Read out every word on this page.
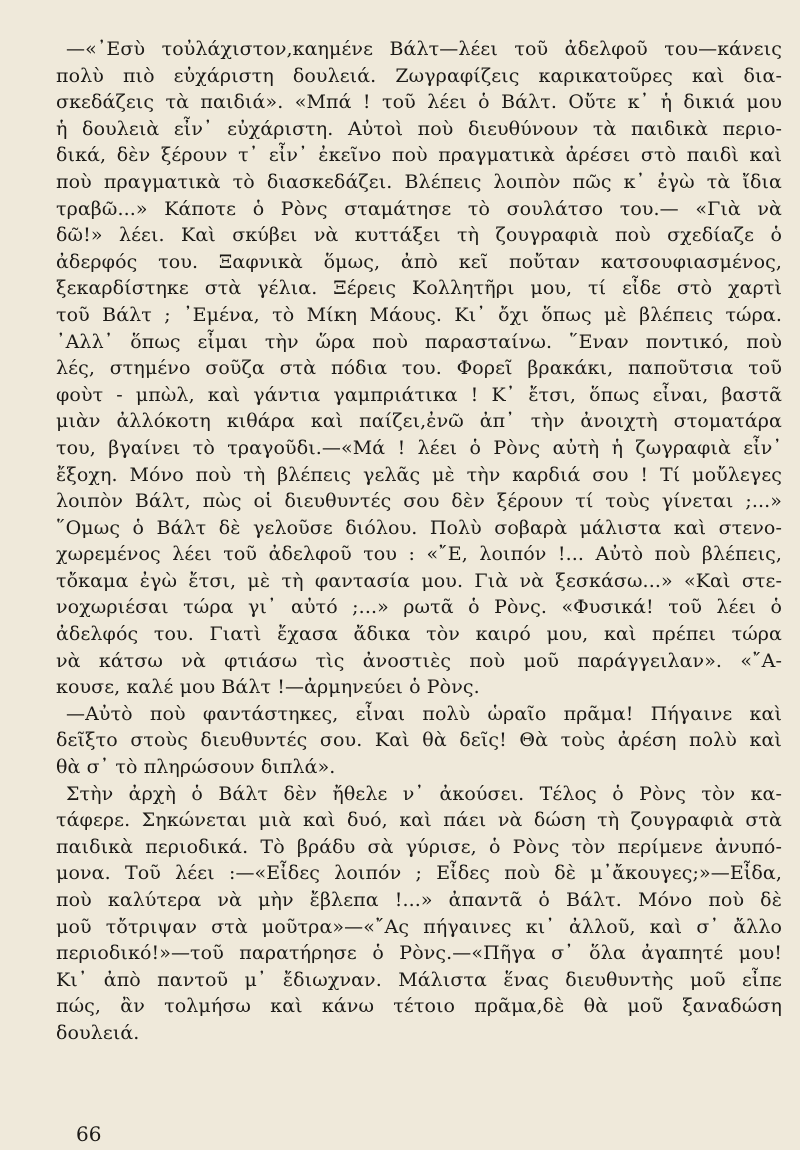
—«᾿Εσὺ τοὐλάχιστον,καημένε Βάλτ—λέει τοῦ ἀδελφοῦ του—κάνεις
πολὺ πιὸ εὐχάριστη δουλειά. Ζωγραφίζεις καρικατοῦρες καὶ δια-
σκεδάζεις τὰ παιδιά». «Μπά ! τοῦ λέει ὁ Βάλτ. Οὔτε κ᾿ ἡ δικιά μου
ἡ δουλειὰ εἶν᾿ εὐχάριστη. Αὐτοὶ ποὺ διευθύνουν τὰ παιδικὰ περιο-
δικά, δὲν ξέρουν τ᾿ εἶν᾿ ἐκεῖνο ποὺ πραγματικὰ ἀρέσει στὸ παιδὶ καὶ
ποὺ πραγματικὰ τὸ διασκεδάζει. Βλέπεις λοιπὸν πῶς κ᾿ ἐγὼ τὰ ἴδια
τραβῶ...» Κάποτε ὁ Ρὸνς σταμάτησε τὸ σουλάτσο του.— «Γιὰ νὰ
δῶ!» λέει. Καὶ σκύβει νὰ κυττάξει τὴ ζουγραφιὰ ποὺ σχεδίαζε ὁ
ἀδερφός του. Ξαφνικὰ ὅμως, ἀπὸ κεῖ ποὔταν κατσουφιασμένος,
ξεκαρδίστηκε στὰ γέλια. Ξέρεις Κολλητῆρι μου, τί εἶδε στὸ χαρτὶ
τοῦ Βάλτ ; ᾿Εμένα, τὸ Μίκη Μάους. Κι᾿ ὄχι ὅπως μὲ βλέπεις τώρα.
᾿Αλλ᾿ ὅπως εἶμαι τὴν ὥρα ποὺ παρασταίνω. ῞Εναν ποντικό, ποὺ
λές, στημένο σοῦζα στὰ πόδια του. Φορεῖ βρακάκι, παποῦτσια τοῦ
φοὺτ - μπὼλ, καὶ γάντια γαμπριάτικα ! Κ᾿ ἔτσι, ὅπως εἶναι, βαστᾶ
μιὰν ἀλλόκοτη κιθάρα καὶ παίζει,ἐνῶ ἀπ᾿ τὴν ἀνοιχτὴ στοματάρα
του, βγαίνει τὸ τραγοῦδι.—«Μά ! λέει ὁ Ρὸνς αὐτὴ ἡ ζωγραφιὰ εἶν᾿
ἔξοχη. Μόνο ποὺ τὴ βλέπεις γελᾶς μὲ τὴν καρδιά σου ! Τί μοὔλεγες
λοιπὸν Βάλτ, πὼς οἱ διευθυντές σου δὲν ξέρουν τί τοὺς γίνεται ;...»
῞Ομως ὁ Βάλτ δὲ γελοῦσε διόλου. Πολὺ σοβαρὰ μάλιστα καὶ στενο-
χωρεμένος λέει τοῦ ἀδελφοῦ του : «῎Ε, λοιπόν !... Αὐτὸ ποὺ βλέπεις,
τὄκαμα ἐγὼ ἔτσι, μὲ τὴ φαντασία μου. Γιὰ νὰ ξεσκάσω...» «Καὶ στε-
νοχωριέσαι τώρα γι᾿ αὐτό ;...» ρωτᾶ ὁ Ρὸνς. «Φυσικά! τοῦ λέει ὁ
ἀδελφός του. Γιατὶ ἔχασα ἄδικα τὸν καιρό μου, καὶ πρέπει τώρα
νὰ κάτσω νὰ φτιάσω τὶς ἀνοστιὲς ποὺ μοῦ παράγγειλαν». «῎Α-
κουσε, καλέ μου Βάλτ !—ἀρμηνεύει ὁ Ρὸνς.
—Αὐτὸ ποὺ φαντάστηκες, εἶναι πολὺ ὡραῖο πρᾶμα! Πήγαινε καὶ
δεῖξτο στοὺς διευθυντές σου. Καὶ θὰ δεῖς! Θὰ τοὺς ἀρέση πολὺ καὶ
θὰ σ᾿ τὸ πληρώσουν διπλά».
Στὴν ἀρχὴ ὁ Βάλτ δὲν ἤθελε ν᾿ ἀκούσει. Τέλος ὁ Ρὸνς τὸν κα-
τάφερε. Σηκώνεται μιὰ καὶ δυό, καὶ πάει νὰ δώση τὴ ζουγραφιὰ στὰ
παιδικὰ περιοδικά. Τὸ βράδυ σὰ γύρισε, ὁ Ρὸνς τὸν περίμενε ἀνυπό-
μονα. Τοῦ λέει :—«Εἶδες λοιπόν ; Εἶδες ποὺ δὲ μ᾿ἄκουγες;»—Εἶδα,
ποὺ καλύτερα νὰ μὴν ἔβλεπα !...» ἀπαντᾶ ὁ Βάλτ. Μόνο ποὺ δὲ
μοῦ τὄτριψαν στὰ μοῦτρα»—«῎Ας πήγαινες κι᾿ ἀλλοῦ, καὶ σ᾿ ἄλλο
περιοδικό!»—τοῦ παρατήρησε ὁ Ρὸνς.—«Πῆγα σ᾿ ὅλα ἀγαπητέ μου!
Κι᾿ ἀπὸ παντοῦ μ᾿ ἔδιωχναν. Μάλιστα ἕνας διευθυντὴς μοῦ εἶπε
πώς, ἂν τολμήσω καὶ κάνω τέτοιο πρᾶμα,δὲ θὰ μοῦ ξαναδώση
δουλειά.
66
